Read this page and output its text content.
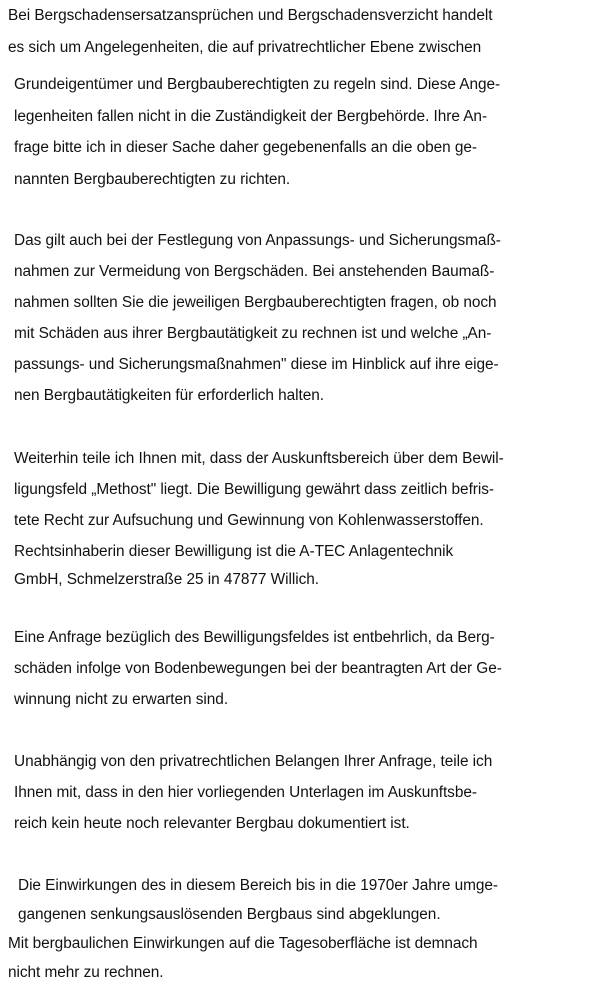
Bei Bergschadensersatzansprüchen und Bergschadensverzicht handelt
es sich um Angelegenheiten, die auf privatrechtlicher Ebene zwischen
Grundeigentümer und Bergbauberechtigten zu regeln sind. Diese Ange-
legenheiten fallen nicht in die Zuständigkeit der Bergbehörde. Ihre An-
frage bitte ich in dieser Sache daher gegebenenfalls an die oben ge-
nannten Bergbauberechtigten zu richten.
Das gilt auch bei der Festlegung von Anpassungs- und Sicherungsmaß-
nahmen zur Vermeidung von Bergschäden. Bei anstehenden Baumaß-
nahmen sollten Sie die jeweiligen Bergbauberechtigten fragen, ob noch
mit Schäden aus ihrer Bergbautätigkeit zu rechnen ist und welche „An-
passungs- und Sicherungsmaßnahmen" diese im Hinblick auf ihre eige-
nen Bergbautätigkeiten für erforderlich halten.
Weiterhin teile ich Ihnen mit, dass der Auskunftsbereich über dem Bewil-
ligungsfeld „Methost" liegt. Die Bewilligung gewährt dass zeitlich befris-
tete Recht zur Aufsuchung und Gewinnung von Kohlenwasserstoffen.
Rechtsinhaberin dieser Bewilligung ist die A-TEC Anlagentechnik
GmbH, Schmelzerstraße 25 in 47877 Willich.
Eine Anfrage bezüglich des Bewilligungsfeldes ist entbehrlich, da Berg-
schäden infolge von Bodenbewegungen bei der beantragten Art der Ge-
winnung nicht zu erwarten sind.
Unabhängig von den privatrechtlichen Belangen Ihrer Anfrage, teile ich
Ihnen mit, dass in den hier vorliegenden Unterlagen im Auskunftsbe-
reich kein heute noch relevanter Bergbau dokumentiert ist.
Die Einwirkungen des in diesem Bereich bis in die 1970er Jahre umge-
gangenen senkungsauslösenden Bergbaus sind abgeklungen.
Mit bergbaulichen Einwirkungen auf die Tagesoberfläche ist demnach
nicht mehr zu rechnen.
